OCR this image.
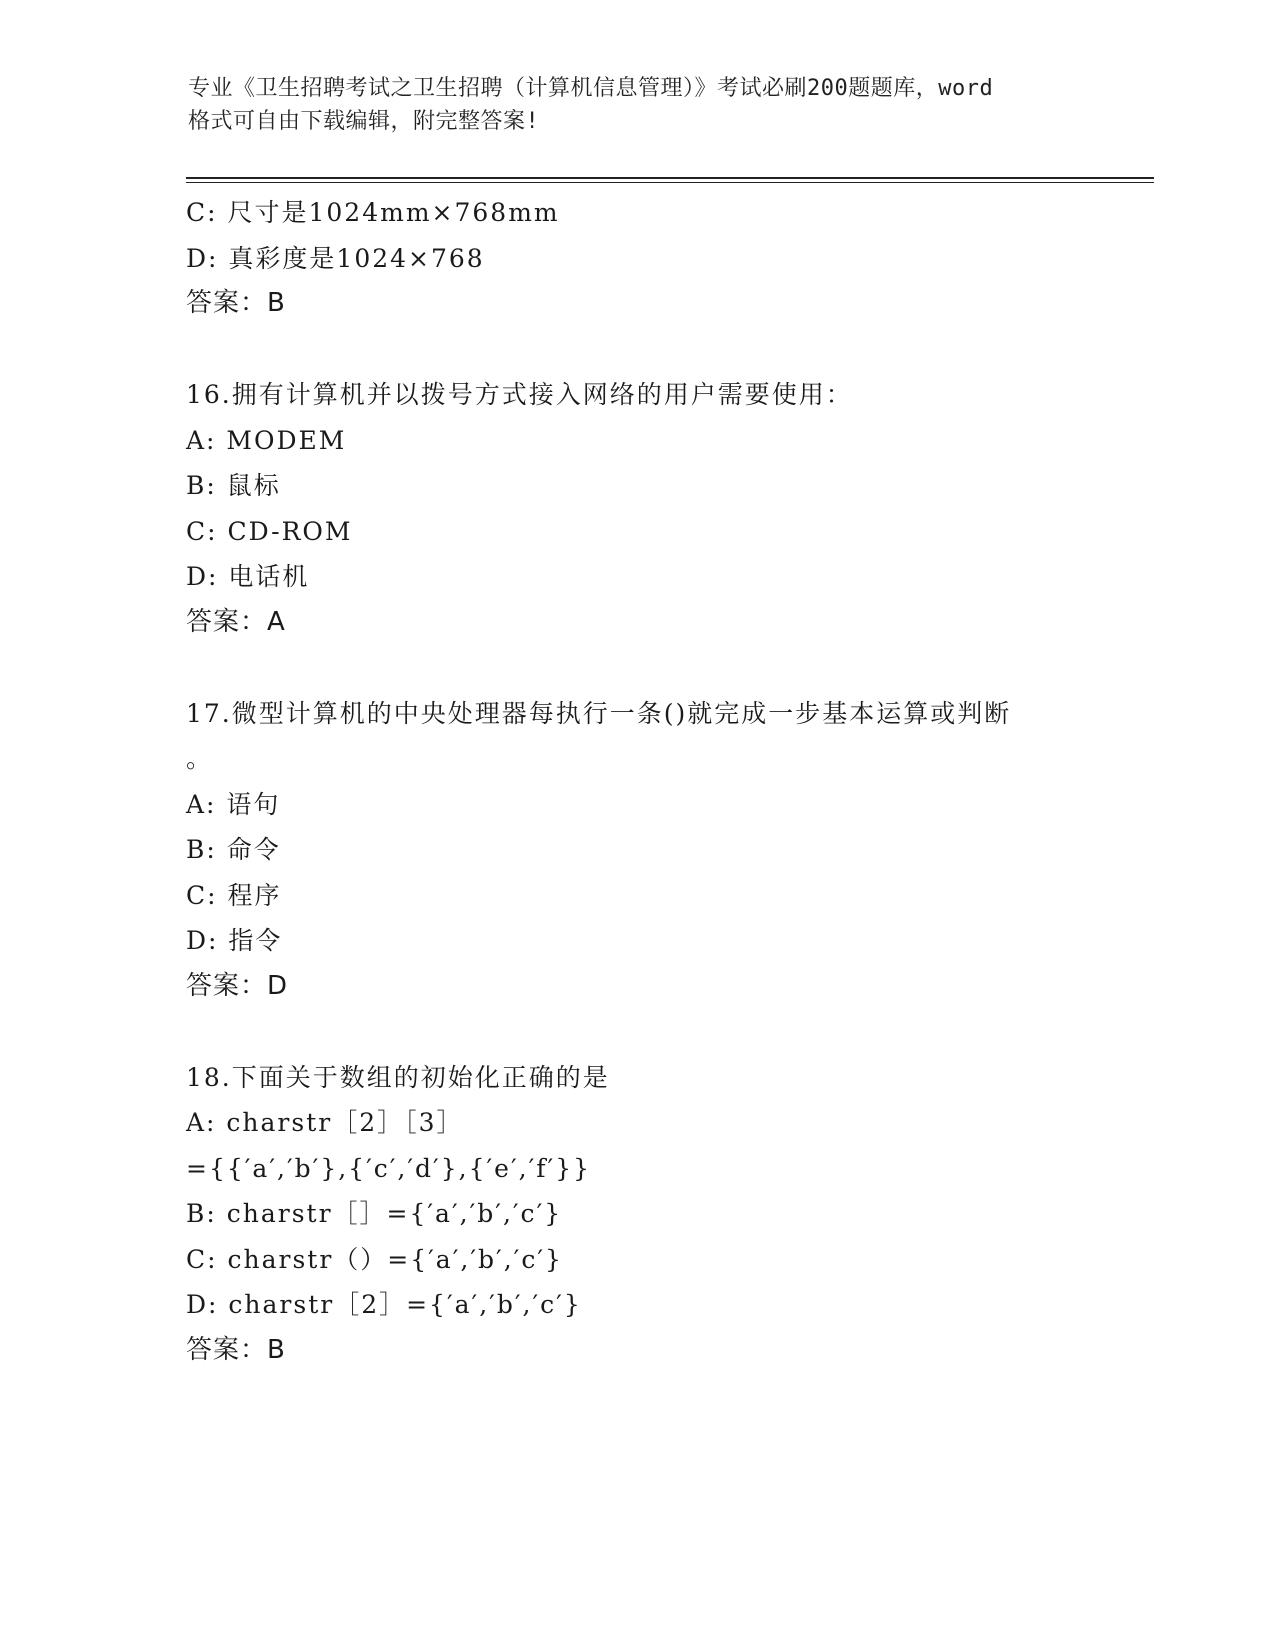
专业《卫生招聘考试之卫生招聘（计算机信息管理）》考试必刷200题题库，word
格式可自由下载编辑，附完整答案!
C: 尺寸是1024mm×768mm
D: 真彩度是1024×768
答案：B
16.拥有计算机并以拨号方式接入网络的用户需要使用：
A: MODEM
B: 鼠标
C: CD-ROM
D: 电话机
答案：A
17.微型计算机的中央处理器每执行一条()就完成一步基本运算或判断
。
A: 语句
B: 命令
C: 程序
D: 指令
答案：D
18.下面关于数组的初始化正确的是
A: charstr［2］［3］
={{′a′,′b′},{′c′,′d′},{′e′,′f′}}
B: charstr［］={′a′,′b′,′c′}
C: charstr（）={′a′,′b′,′c′}
D: charstr［2］={′a′,′b′,′c′}
答案：B
